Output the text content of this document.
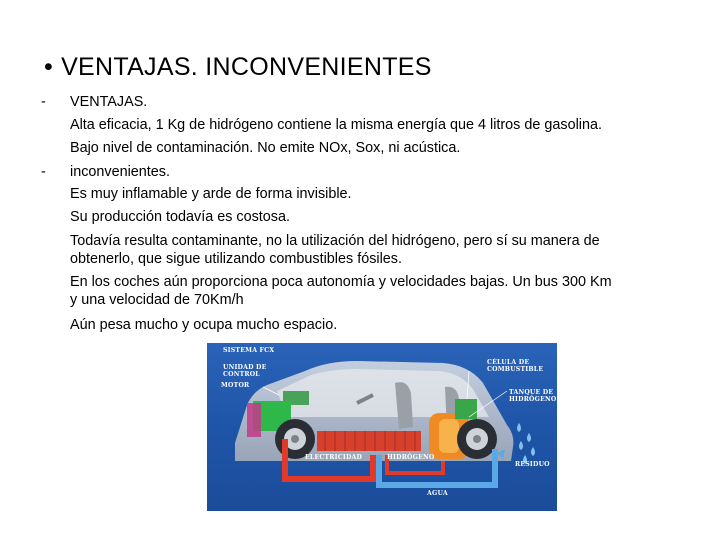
• VENTAJAS. INCONVENIENTES
-
-
VENTAJAS.
Alta eficacia, 1 Kg de hidrógeno contiene la misma energía que 4 litros de gasolina.
Bajo nivel de contaminación. No emite NOx, Sox, ni acústica.
inconvenientes.
Es muy inflamable y arde de forma invisible.
Su producción todavía es costosa.
Todavía resulta contaminante, no la utilización del hidrógeno, pero sí su manera de
obtenerlo, que sigue utilizando combustibles fósiles.
En los coches aún proporciona poca autonomía y velocidades bajas. Un bus 300 Km
y una velocidad de 70Km/h
Aún pesa mucho y ocupa mucho espacio.
SISTEMA FCX
UNIDAD DE
CONTROL
MOTOR
CÉLULA DE
COMBUSTIBLE
TANQUE DE
HIDRÓGENO
ELECTRICIDAD	HIDRÓGENO
RESIDUO
AGUA
